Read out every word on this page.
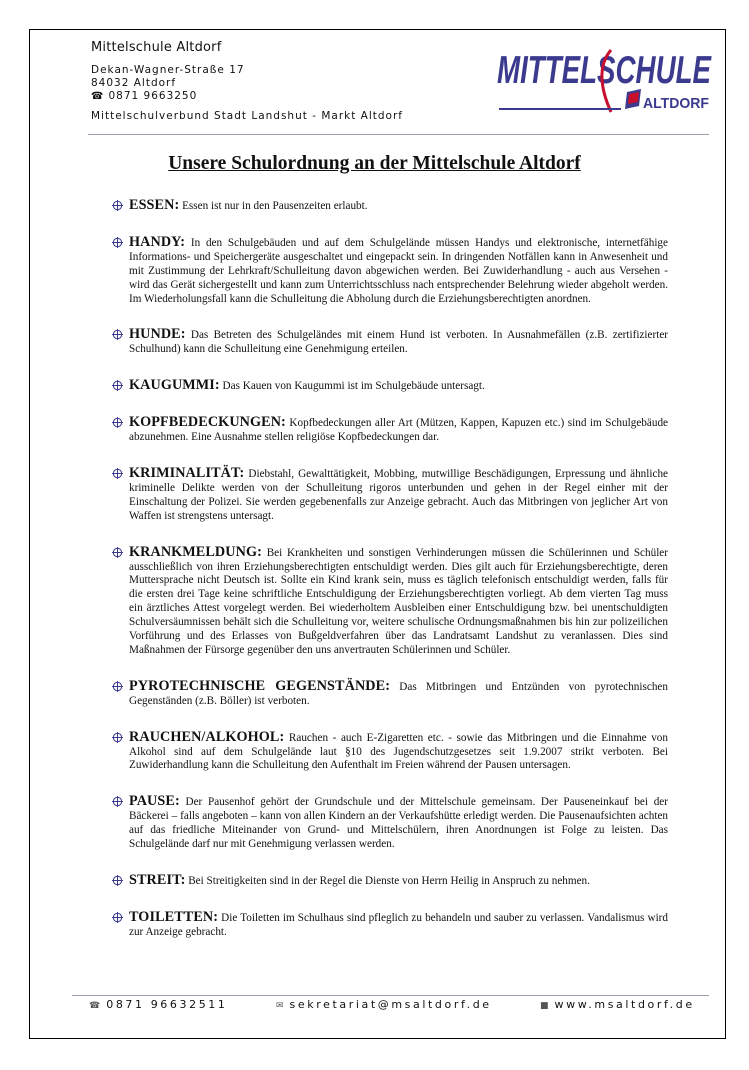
Mittelschule Altdorf
Dekan-Wagner-Straße 17
84032 Altdorf
☎ 0871 9663250
Mittelschulverbund Stadt Landshut - Markt Altdorf
MITTELSCHULE
ALTDORF
Unsere Schulordnung an der Mittelschule Altdorf
ESSEN: Essen ist nur in den Pausenzeiten erlaubt.
HANDY: In den Schulgebäuden und auf dem Schulgelände müssen Handys und elektronische, internetfähige Informations- und Speichergeräte ausgeschaltet und eingepackt sein. In dringenden Notfällen kann in Anwesenheit und mit Zustimmung der Lehrkraft/Schulleitung davon abgewichen werden. Bei Zuwiderhandlung - auch aus Versehen - wird das Gerät sichergestellt und kann zum Unterrichtsschluss nach entsprechender Belehrung wieder abgeholt werden. Im Wiederholungsfall kann die Schulleitung die Abholung durch die Erziehungsberechtigten anordnen.
HUNDE: Das Betreten des Schulgeländes mit einem Hund ist verboten. In Ausnahmefällen (z.B. zertifizierter Schulhund) kann die Schulleitung eine Genehmigung erteilen.
KAUGUMMI: Das Kauen von Kaugummi ist im Schulgebäude untersagt.
KOPFBEDECKUNGEN: Kopfbedeckungen aller Art (Mützen, Kappen, Kapuzen etc.) sind im Schulgebäude abzunehmen. Eine Ausnahme stellen religiöse Kopfbedeckungen dar.
KRIMINALITÄT: Diebstahl, Gewalttätigkeit, Mobbing, mutwillige Beschädigungen, Erpressung und ähnliche kriminelle Delikte werden von der Schulleitung rigoros unterbunden und gehen in der Regel einher mit der Einschaltung der Polizei. Sie werden gegebenenfalls zur Anzeige gebracht. Auch das Mitbringen von jeglicher Art von Waffen ist strengstens untersagt.
KRANKMELDUNG: Bei Krankheiten und sonstigen Verhinderungen müssen die Schülerinnen und Schüler ausschließlich von ihren Erziehungsberechtigten entschuldigt werden. Dies gilt auch für Erziehungsberechtigte, deren Muttersprache nicht Deutsch ist. Sollte ein Kind krank sein, muss es täglich telefonisch entschuldigt werden, falls für die ersten drei Tage keine schriftliche Entschuldigung der Erziehungsberechtigten vorliegt. Ab dem vierten Tag muss ein ärztliches Attest vorgelegt werden. Bei wiederholtem Ausbleiben einer Entschuldigung bzw. bei unentschuldigten Schulversäumnissen behält sich die Schulleitung vor, weitere schulische Ordnungsmaßnahmen bis hin zur polizeilichen Vorführung und des Erlasses von Bußgeldverfahren über das Landratsamt Landshut zu veranlassen. Dies sind Maßnahmen der Fürsorge gegenüber den uns anvertrauten Schülerinnen und Schüler.
PYROTECHNISCHE GEGENSTÄNDE: Das Mitbringen und Entzünden von pyrotechnischen Gegenständen (z.B. Böller) ist verboten.
RAUCHEN/ALKOHOL: Rauchen - auch E-Zigaretten etc. - sowie das Mitbringen und die Einnahme von Alkohol sind auf dem Schulgelände laut §10 des Jugendschutzgesetzes seit 1.9.2007 strikt verboten. Bei Zuwiderhandlung kann die Schulleitung den Aufenthalt im Freien während der Pausen untersagen.
PAUSE: Der Pausenhof gehört der Grundschule und der Mittelschule gemeinsam. Der Pauseneinkauf bei der Bäckerei – falls angeboten – kann von allen Kindern an der Verkaufshütte erledigt werden. Die Pausenaufsichten achten auf das friedliche Miteinander von Grund- und Mittelschülern, ihren Anordnungen ist Folge zu leisten. Das Schulgelände darf nur mit Genehmigung verlassen werden.
STREIT: Bei Streitigkeiten sind in der Regel die Dienste von Herrn Heilig in Anspruch zu nehmen.
TOILETTEN: Die Toiletten im Schulhaus sind pfleglich zu behandeln und sauber zu verlassen. Vandalismus wird zur Anzeige gebracht.
☎ 0871 96632511	✉ sekretariat@msaltdorf.de	■ www.msaltdorf.de
